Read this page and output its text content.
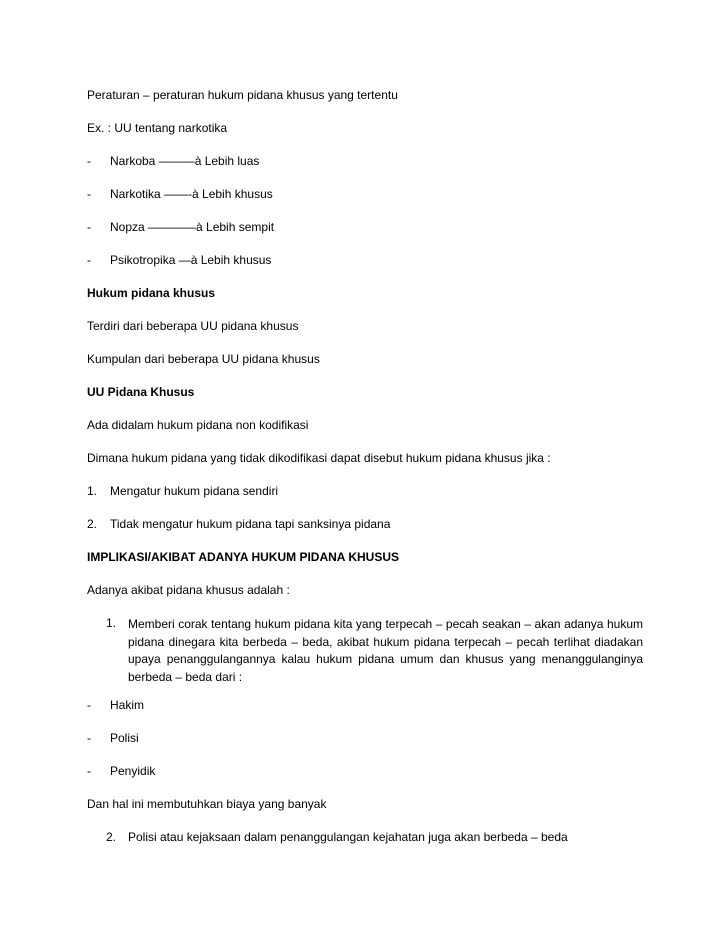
Peraturan – peraturan hukum pidana khusus yang tertentu
Ex. : UU tentang narkotika
- Narkoba ———à Lebih luas
- Narkotika ——-à Lebih khusus
- Nopza ————à Lebih sempit
- Psikotropika —à Lebih khusus
Hukum pidana khusus
Terdiri dari beberapa UU pidana khusus
Kumpulan dari beberapa UU pidana khusus
UU Pidana Khusus
Ada didalam hukum pidana non kodifikasi
Dimana hukum pidana yang tidak dikodifikasi dapat disebut hukum pidana khusus jika :
1. Mengatur hukum pidana sendiri
2. Tidak mengatur hukum pidana tapi sanksinya pidana
IMPLIKASI/AKIBAT ADANYA HUKUM PIDANA KHUSUS
Adanya akibat pidana khusus adalah :
1. Memberi corak tentang hukum pidana kita yang terpecah – pecah seakan – akan adanya hukum pidana dinegara kita berbeda – beda, akibat hukum pidana terpecah – pecah terlihat diadakan upaya penanggulangannya kalau hukum pidana umum dan khusus yang menanggulanginya berbeda – beda dari :
- Hakim
- Polisi
- Penyidik
Dan hal ini membutuhkan biaya yang banyak
2. Polisi atau kejaksaan dalam penanggulangan kejahatan juga akan berbeda – beda
